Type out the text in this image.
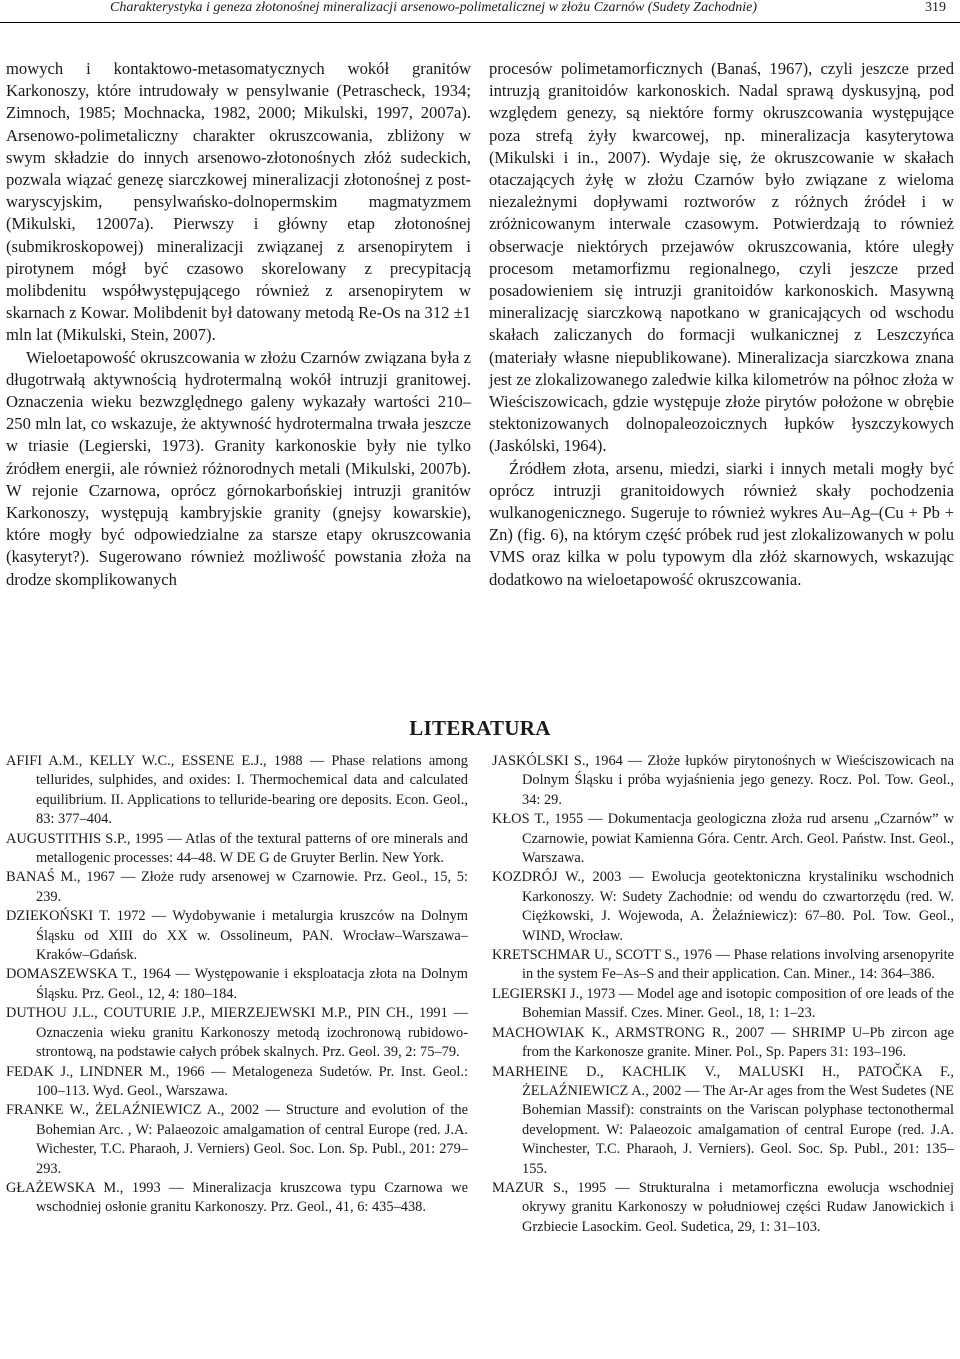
Charakterystyka i geneza złotonośnej mineralizacji arsenowo-polimetalicznej w złożu Czarnów (Sudety Zachodnie)	319

mowych i kontaktowo-metasomatycznych wokół granitów Karkonoszy, które intrudowały w pensylwanie (Petrascheck, 1934; Zimnoch, 1985; Mochnacka, 1982, 2000; Mikulski, 1997, 2007a). Arsenowo-polimetaliczny charakter okruszcowania, zbliżony w swym składzie do innych arsenowo-złotonośnych złóż sudeckich, pozwala wiązać genezę siarczkowej mineralizacji złotonośnej z post-waryscyjskim, pensylwańsko-dolnopermskim magmatyzmem (Mikulski, 12007a). Pierwszy i główny etap złotonośnej (submikroskopowej) mineralizacji związanej z arsenopirytem i pirotynem mógł być czasowo skorelowany z precypitacją molibdenitu współwystępującego również z arsenopirytem w skarnach z Kowar. Molibdenit był datowany metodą Re-Os na 312 ±1 mln lat (Mikulski, Stein, 2007).

Wieloetapowość okruszcowania w złożu Czarnów związana była z długotrwałą aktywnością hydrotermalną wokół intruzji granitowej. Oznaczenia wieku bezwzględnego galeny wykazały wartości 210–250 mln lat, co wskazuje, że aktywność hydrotermalna trwała jeszcze w triasie (Legierski, 1973). Granity karkonoskie były nie tylko źródłem energii, ale również różnorodnych metali (Mikulski, 2007b). W rejonie Czarnowa, oprócz górnokarbońskiej intruzji granitów Karkonoszy, występują kambryjskie granity (gnejsy kowarskie), które mogły być odpowiedzialne za starsze etapy okruszcowania (kasyteryt?). Sugerowano również możliwość powstania złoża na drodze skomplikowanych

procesów polimetamorficznych (Banaś, 1967), czyli jeszcze przed intruzją granitoidów karkonoskich. Nadal sprawą dyskusyjną, pod względem genezy, są niektóre formy okruszcowania występujące poza strefą żyły kwarcowej, np. mineralizacja kasyterytowa (Mikulski i in., 2007). Wydaje się, że okruszcowanie w skałach otaczających żyłę w złożu Czarnów było związane z wieloma niezależnymi dopływami roztworów z różnych źródeł i w zróżnicowanym interwale czasowym. Potwierdzają to również obserwacje niektórych przejawów okruszcowania, które uległy procesom metamorfizmu regionalnego, czyli jeszcze przed posadowieniem się intruzji granitoidów karkonoskich. Masywną mineralizację siarczkową napotkano w granicających od wschodu skałach zaliczanych do formacji wulkanicznej z Leszczyńca (materiały własne niepublikowane). Mineralizacja siarczkowa znana jest ze zlokalizowanego zaledwie kilka kilometrów na północ złoża w Wieściszowicach, gdzie występuje złoże pirytów położone w obrębie stektonizowanych dolnopaleozoicznych łupków łyszczykowych (Jaskólski, 1964).

Źródłem złota, arsenu, miedzi, siarki i innych metali mogły być oprócz intruzji granitoidowych również skały pochodzenia wulkanogenicznego. Sugeruje to również wykres Au–Ag–(Cu + Pb + Zn) (fig. 6), na którym część próbek rud jest zlokalizowanych w polu VMS oraz kilka w polu typowym dla złóż skarnowych, wskazując dodatkowo na wieloetapowość okruszcowania.

LITERATURA

AFIFI A.M., KELLY W.C., ESSENE E.J., 1988 — Phase relations among tellurides, sulphides, and oxides: I. Thermochemical data and calculated equilibrium. II. Applications to telluride-bearing ore deposits. Econ. Geol., 83: 377–404.

AUGUSTITHIS S.P., 1995 — Atlas of the textural patterns of ore minerals and metallogenic processes: 44–48. W DE G de Gruyter Berlin. New York.

BANAŚ M., 1967 — Złoże rudy arsenowej w Czarnowie. Prz. Geol., 15, 5: 239.

DZIEKOŃSKI T. 1972 — Wydobywanie i metalurgia kruszców na Dolnym Śląsku od XIII do XX w. Ossolineum, PAN. Wrocław–Warszawa–Kraków–Gdańsk.

DOMASZEWSKA T., 1964 — Występowanie i eksploatacja złota na Dolnym Śląsku. Prz. Geol., 12, 4: 180–184.

DUTHOU J.L., COUTURIE J.P., MIERZEJEWSKI M.P., PIN CH., 1991 — Oznaczenia wieku granitu Karkonoszy metodą izochronową rubidowo-strontową, na podstawie całych próbek skalnych. Prz. Geol. 39, 2: 75–79.

FEDAK J., LINDNER M., 1966 — Metalogeneza Sudetów. Pr. Inst. Geol.: 100–113. Wyd. Geol., Warszawa.

FRANKE W., ŻELAŹNIEWICZ A., 2002 — Structure and evolution of the Bohemian Arc. , W: Palaeozoic amalgamation of central Europe (red. J.A. Wichester, T.C. Pharaoh, J. Verniers) Geol. Soc. Lon. Sp. Publ., 201: 279–293.

GŁAŻEWSKA M., 1993 — Mineralizacja kruszcowa typu Czarnowa we wschodniej osłonie granitu Karkonoszy. Prz. Geol., 41, 6: 435–438.

JASKÓLSKI S., 1964 — Złoże łupków pirytonośnych w Wieściszowicach na Dolnym Śląsku i próba wyjaśnienia jego genezy. Rocz. Pol. Tow. Geol., 34: 29.

KŁOS T., 1955 — Dokumentacja geologiczna złoża rud arsenu „Czarnów” w Czarnowie, powiat Kamienna Góra. Centr. Arch. Geol. Państw. Inst. Geol., Warszawa.

KOZDRÓJ W., 2003 — Ewolucja geotektoniczna krystaliniku wschodnich Karkonoszy. W: Sudety Zachodnie: od wendu do czwartorzędu (red. W. Ciężkowski, J. Wojewoda, A. Żelaźniewicz): 67–80. Pol. Tow. Geol., WIND, Wrocław.

KRETSCHMAR U., SCOTT S., 1976 — Phase relations involving arsenopyrite in the system Fe–As–S and their application. Can. Miner., 14: 364–386.

LEGIERSKI J., 1973 — Model age and isotopic composition of ore leads of the Bohemian Massif. Czes. Miner. Geol., 18, 1: 1–23.

MACHOWIAK K., ARMSTRONG R., 2007 — SHRIMP U–Pb zircon age from the Karkonosze granite. Miner. Pol., Sp. Papers 31: 193–196.

MARHEINE D., KACHLIK V., MALUSKI H., PATOČKA F., ŻELAŹNIEWICZ A., 2002 — The Ar-Ar ages from the West Sudetes (NE Bohemian Massif): constraints on the Variscan polyphase tectonothermal development. W: Palaeozoic amalgamation of central Europe (red. J.A. Winchester, T.C. Pharaoh, J. Verniers). Geol. Soc. Sp. Publ., 201: 135–155.

MAZUR S., 1995 — Strukturalna i metamorficzna ewolucja wschodniej okrywy granitu Karkonoszy w południowej części Rudaw Janowickich i Grzbiecie Lasockim. Geol. Sudetica, 29, 1: 31–103.
